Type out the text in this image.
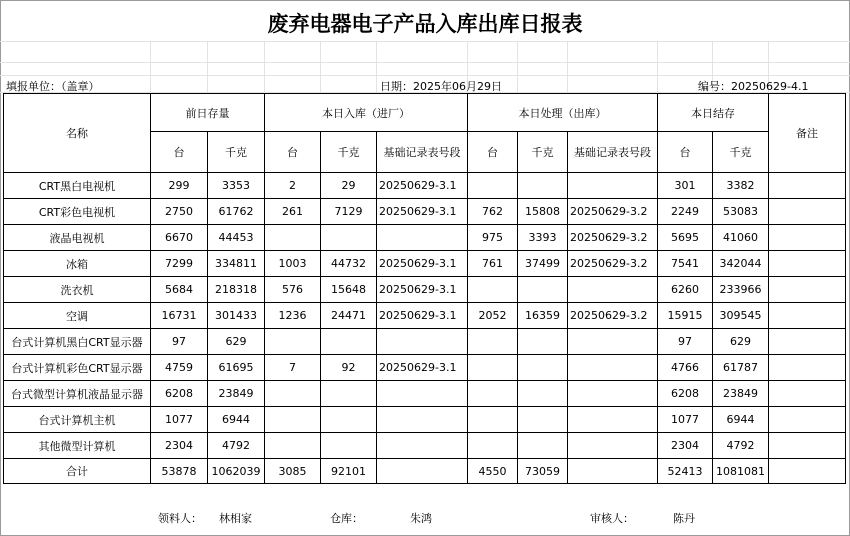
废弃电器电子产品入库出库日报表
填报单位：（盖章）	日期：2025年06月29日	编号：20250629-4.1
名称	前日存量		本日入库（进厂）			本日处理（出库）			本日结存		备注
	台	千克	台	千克	基础记录表号段	台	千克	基础记录表号段	台	千克	
CRT黑白电视机	299	3353	2	29	20250629-3.1				301	3382	
CRT彩色电视机	2750	61762	261	7129	20250629-3.1	762	15808	20250629-3.2	2249	53083	
液晶电视机	6670	44453				975	3393	20250629-3.2	5695	41060	
冰箱	7299	334811	1003	44732	20250629-3.1	761	37499	20250629-3.2	7541	342044	
洗衣机	5684	218318	576	15648	20250629-3.1				6260	233966	
空调	16731	301433	1236	24471	20250629-3.1	2052	16359	20250629-3.2	15915	309545	
台式计算机黑白CRT显示器	97	629							97	629	
台式计算机彩色CRT显示器	4759	61695	7	92	20250629-3.1				4766	61787	
台式微型计算机液晶显示器	6208	23849							6208	23849	
台式计算机主机	1077	6944							1077	6944	
其他微型计算机	2304	4792							2304	4792	
合计	53878	1062039	3085	92101		4550	73059		52413	1081081	
领料人： 林相家	仓库：	朱鸿	审核人：	陈丹
